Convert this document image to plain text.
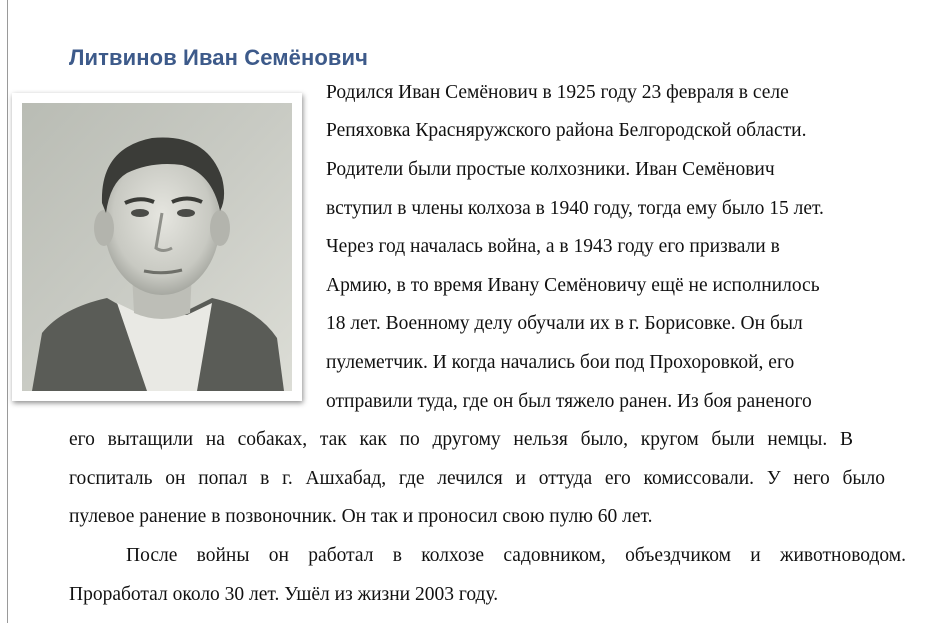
Литвинов Иван Семёнович
Родился Иван Семёнович в 1925 году 23 февраля в селе
Репяховка Красняружского района Белгородской области.
Родители были простые колхозники. Иван Семёнович
вступил в члены колхоза в 1940 году, тогда ему было 15 лет.
Через год началась война, а в 1943 году его призвали в
Армию, в то время Ивану Семёновичу ещё не исполнилось
18 лет. Военному делу обучали их в г. Борисовке. Он был
пулеметчик. И когда начались бои под Прохоровкой, его
отправили туда, где он был тяжело ранен. Из боя раненого
его вытащили на собаках, так как по другому нельзя было, кругом были немцы. В
госпиталь он попал в г. Ашхабад, где лечился и оттуда его комиссовали. У него было
пулевое ранение в позвоночник. Он так и проносил свою пулю 60 лет.
После войны он работал в колхозе садовником, объездчиком и животноводом.
Проработал около 30 лет. Ушёл из жизни 2003 году.
